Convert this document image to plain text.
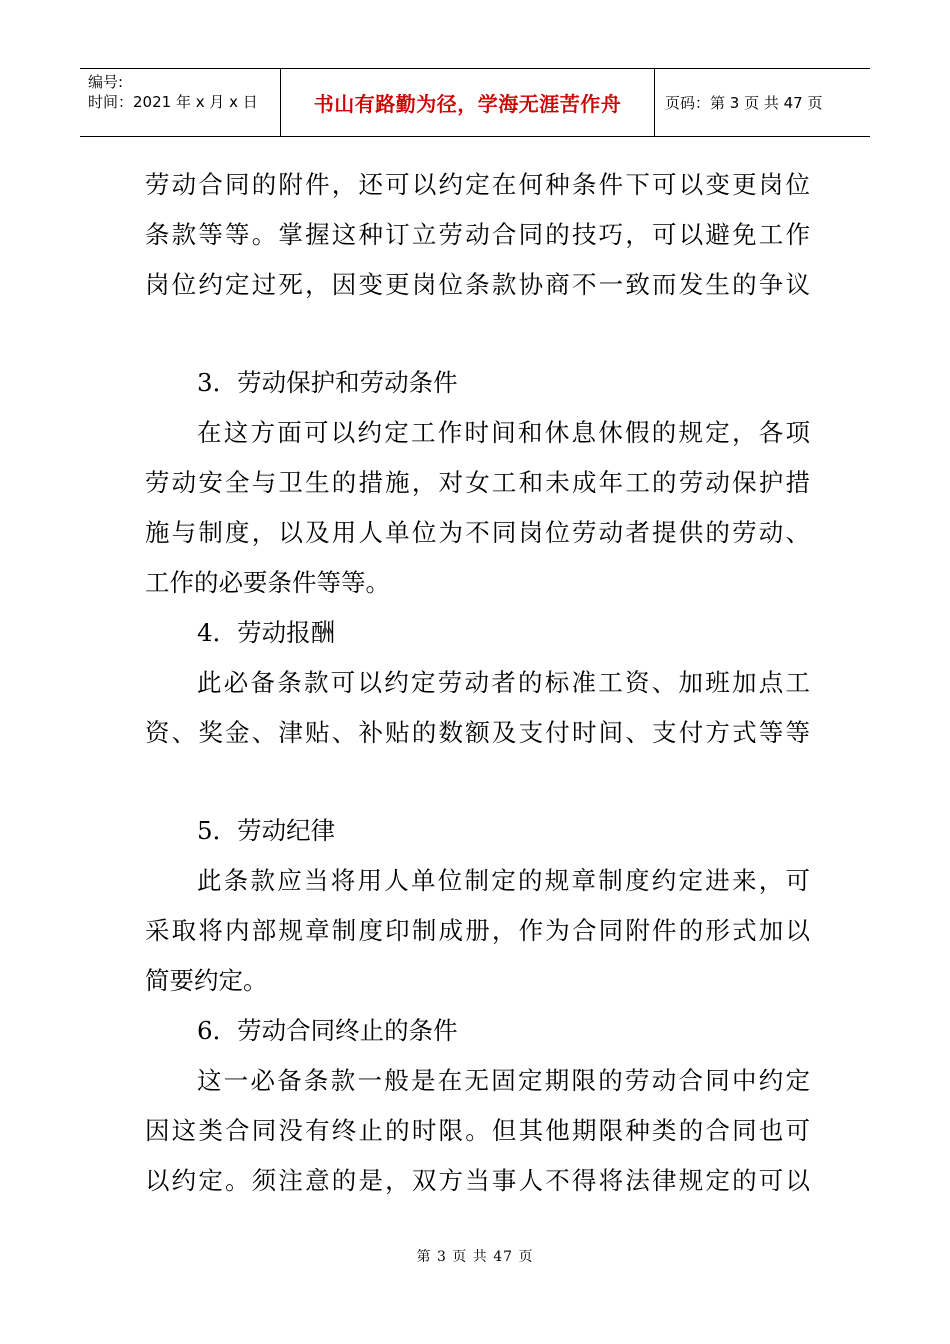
编号:
时间：2021 年 x 月 x 日	书山有路勤为径，学海无涯苦作舟	页码：第 3 页 共 47 页
劳动合同的附件，还可以约定在何种条件下可以变更岗位
条款等等。掌握这种订立劳动合同的技巧，可以避免工作
岗位约定过死，因变更岗位条款协商不一致而发生的争议
3．劳动保护和劳动条件
在这方面可以约定工作时间和休息休假的规定，各项
劳动安全与卫生的措施，对女工和未成年工的劳动保护措
施与制度，以及用人单位为不同岗位劳动者提供的劳动、
工作的必要条件等等。
4．劳动报酬
此必备条款可以约定劳动者的标准工资、加班加点工
资、奖金、津贴、补贴的数额及支付时间、支付方式等等
5．劳动纪律
此条款应当将用人单位制定的规章制度约定进来，可
采取将内部规章制度印制成册，作为合同附件的形式加以
简要约定。
6．劳动合同终止的条件
这一必备条款一般是在无固定期限的劳动合同中约定
因这类合同没有终止的时限。但其他期限种类的合同也可
以约定。须注意的是，双方当事人不得将法律规定的可以
第 3 页 共 47 页
